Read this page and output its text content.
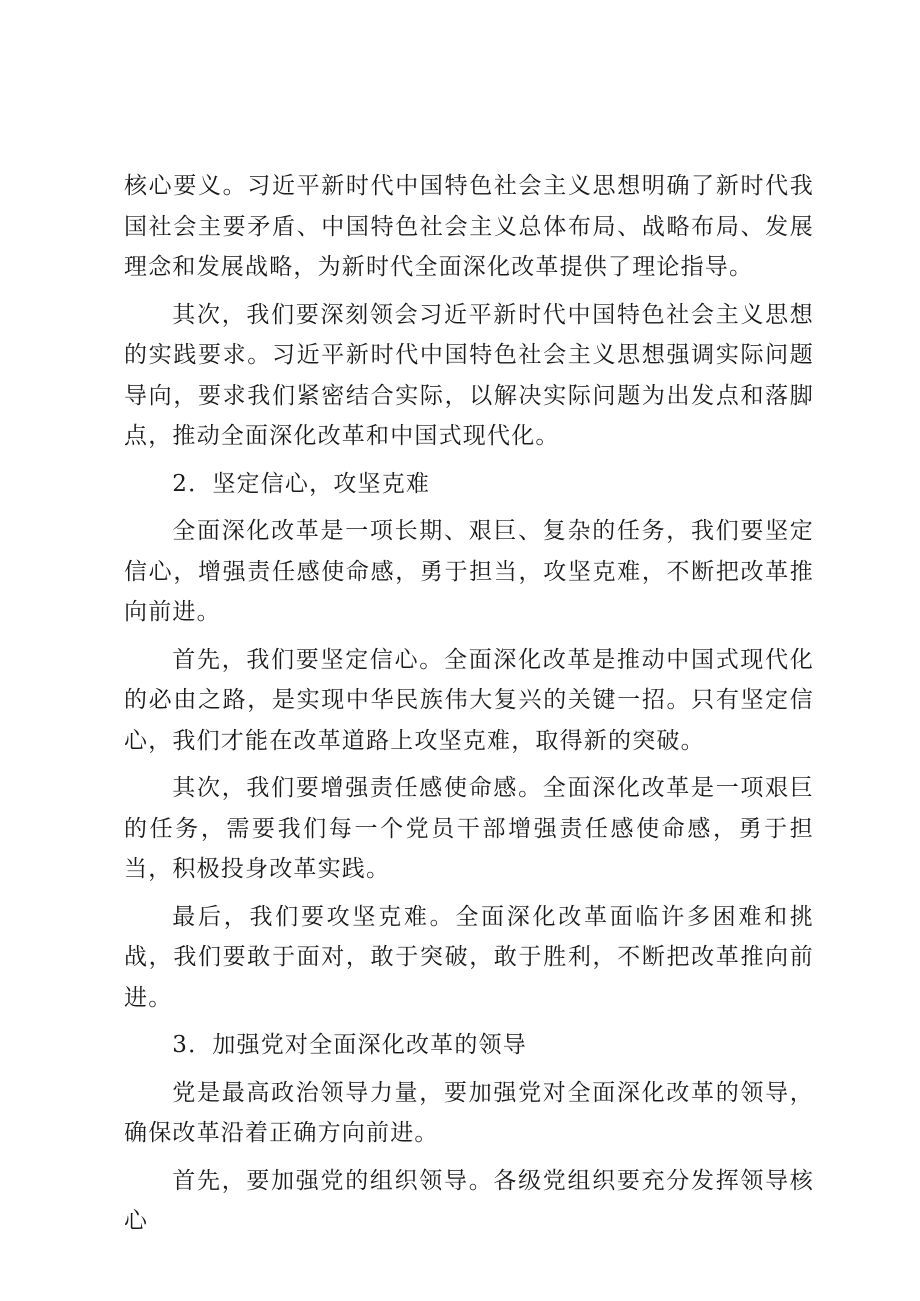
核心要义。习近平新时代中国特色社会主义思想明确了新时代我国社会主要矛盾、中国特色社会主义总体布局、战略布局、发展理念和发展战略，为新时代全面深化改革提供了理论指导。

其次，我们要深刻领会习近平新时代中国特色社会主义思想的实践要求。习近平新时代中国特色社会主义思想强调实际问题导向，要求我们紧密结合实际，以解决实际问题为出发点和落脚点，推动全面深化改革和中国式现代化。

2．坚定信心，攻坚克难

全面深化改革是一项长期、艰巨、复杂的任务，我们要坚定信心，增强责任感使命感，勇于担当，攻坚克难，不断把改革推向前进。

首先，我们要坚定信心。全面深化改革是推动中国式现代化的必由之路，是实现中华民族伟大复兴的关键一招。只有坚定信心，我们才能在改革道路上攻坚克难，取得新的突破。

其次，我们要增强责任感使命感。全面深化改革是一项艰巨的任务，需要我们每一个党员干部增强责任感使命感，勇于担当，积极投身改革实践。

最后，我们要攻坚克难。全面深化改革面临许多困难和挑战，我们要敢于面对，敢于突破，敢于胜利，不断把改革推向前进。

3．加强党对全面深化改革的领导

党是最高政治领导力量，要加强党对全面深化改革的领导，确保改革沿着正确方向前进。

首先，要加强党的组织领导。各级党组织要充分发挥领导核心
